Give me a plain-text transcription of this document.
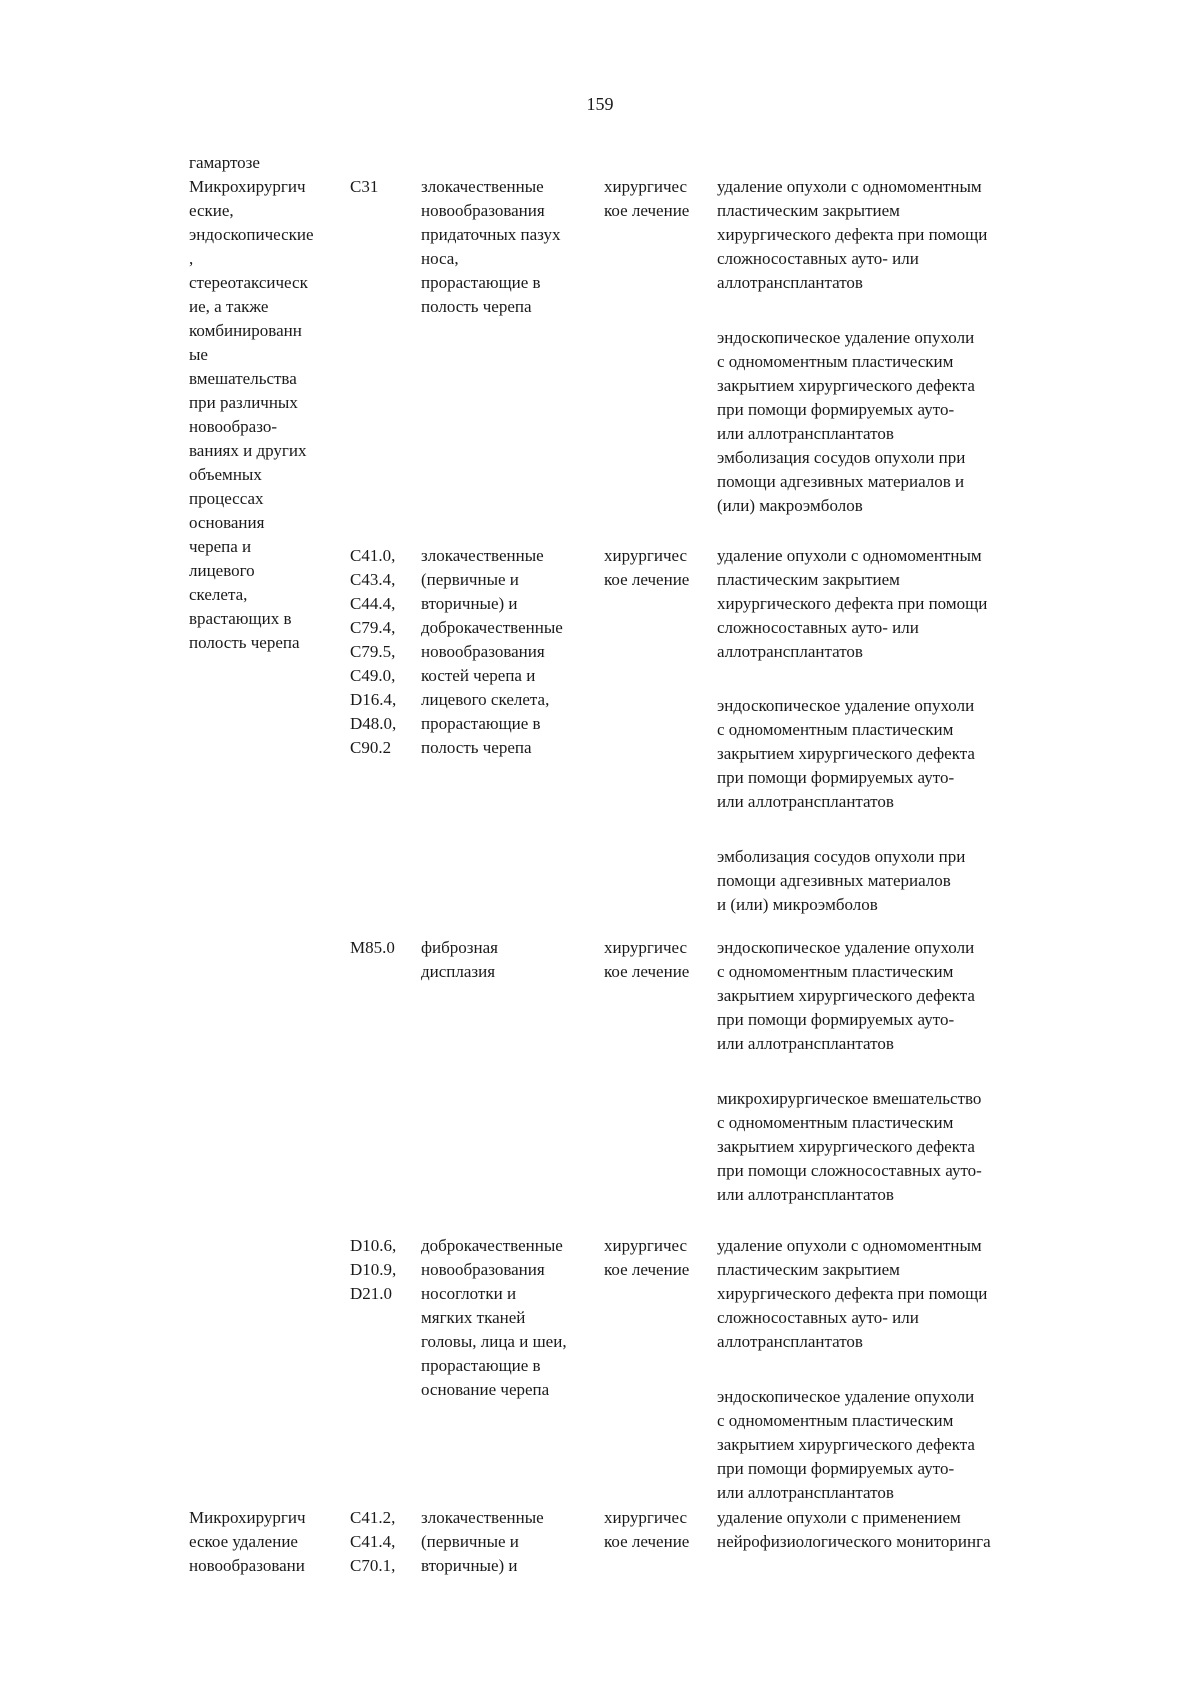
159
гамартозе
Микрохирургич
еские,
эндоскопические
,
стереотаксическ
ие, а также
комбинированн
ые
вмешательства
при различных
новообразо-
ваниях и других
объемных
процессах
основания
черепа и
лицевого
скелета,
врастающих в
полость черепа
Микрохирургич
еское удаление
новообразовани
C31	злокачественные
новообразования
придаточных пазух
носа,
прорастающие в
полость черепа
хирургичес
кое лечение
удаление опухоли с одномоментным
пластическим закрытием
хирургического дефекта при помощи
сложносоставных ауто- или
аллотрансплантатов
эндоскопическое удаление опухоли
с одномоментным пластическим
закрытием хирургического дефекта
при помощи формируемых ауто-
или аллотрансплантатов
эмболизация сосудов опухоли при
помощи адгезивных материалов и
(или) макроэмболов
C41.0,
C43.4,
C44.4,
C79.4,
C79.5,
C49.0,
D16.4,
D48.0,
C90.2
злокачественные
(первичные и
вторичные) и
доброкачественные
новообразования
костей черепа и
лицевого скелета,
прорастающие в
полость черепа
хирургичес
кое лечение
удаление опухоли с одномоментным
пластическим закрытием
хирургического дефекта при помощи
сложносоставных ауто- или
аллотрансплантатов
эндоскопическое удаление опухоли
с одномоментным пластическим
закрытием хирургического дефекта
при помощи формируемых ауто-
или аллотрансплантатов
эмболизация сосудов опухоли при
помощи адгезивных материалов
и (или) микроэмболов
M85.0	фиброзная
дисплазия
хирургичес
кое лечение
эндоскопическое удаление опухоли
с одномоментным пластическим
закрытием хирургического дефекта
при помощи формируемых ауто-
или аллотрансплантатов
микрохирургическое вмешательство
с одномоментным пластическим
закрытием хирургического дефекта
при помощи сложносоставных ауто-
или аллотрансплантатов
D10.6,
D10.9,
D21.0
доброкачественные
новообразования
носоглотки и
мягких тканей
головы, лица и шеи,
прорастающие в
основание черепа
хирургичес
кое лечение
удаление опухоли с одномоментным
пластическим закрытием
хирургического дефекта при помощи
сложносоставных ауто- или
аллотрансплантатов
эндоскопическое удаление опухоли
с одномоментным пластическим
закрытием хирургического дефекта
при помощи формируемых ауто-
или аллотрансплантатов
C41.2,
C41.4,
C70.1,
злокачественные
(первичные и
вторичные) и
хирургичес
кое лечение
удаление опухоли с применением
нейрофизиологического мониторинга
